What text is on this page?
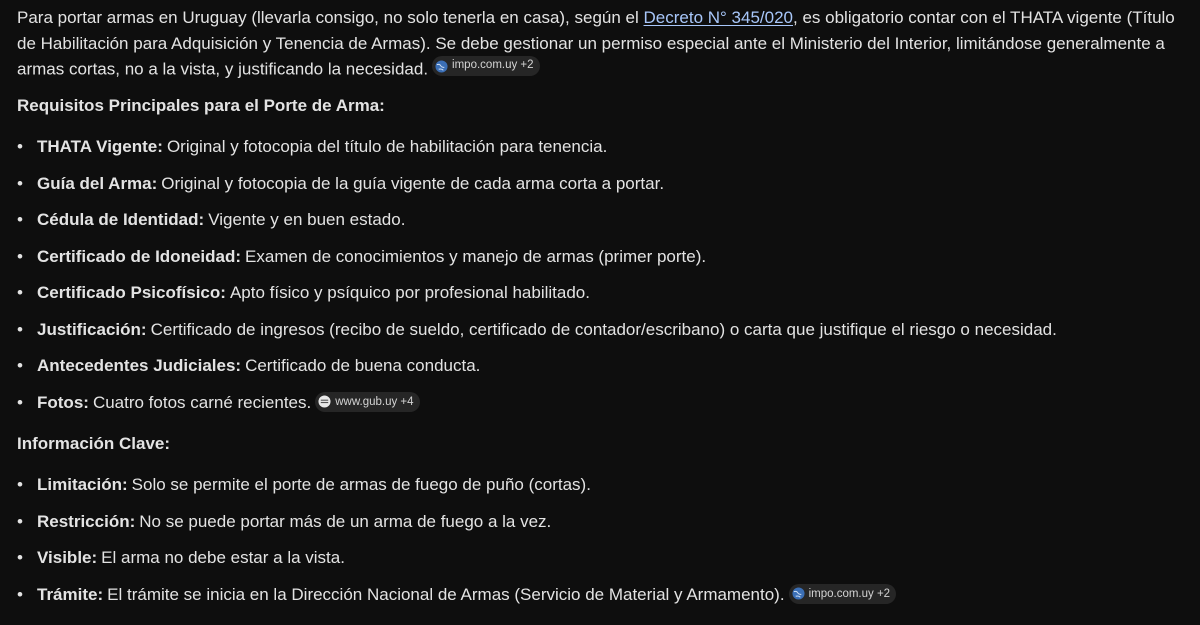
Para portar armas en Uruguay (llevarla consigo, no solo tenerla en casa), según el Decreto N° 345/020, es obligatorio contar con el THATA vigente (Título de Habilitación para Adquisición y Tenencia de Armas). Se debe gestionar un permiso especial ante el Ministerio del Interior, limitándose generalmente a armas cortas, no a la vista, y justificando la necesidad. impo.com.uy +2

Requisitos Principales para el Porte de Arma:
• THATA Vigente: Original y fotocopia del título de habilitación para tenencia.
• Guía del Arma: Original y fotocopia de la guía vigente de cada arma corta a portar.
• Cédula de Identidad: Vigente y en buen estado.
• Certificado de Idoneidad: Examen de conocimientos y manejo de armas (primer porte).
• Certificado Psicofísico: Apto físico y psíquico por profesional habilitado.
• Justificación: Certificado de ingresos (recibo de sueldo, certificado de contador/escribano) o carta que justifique el riesgo o necesidad.
• Antecedentes Judiciales: Certificado de buena conducta.
• Fotos: Cuatro fotos carné recientes. www.gub.uy +4
Información Clave:
• Limitación: Solo se permite el porte de armas de fuego de puño (cortas).
• Restricción: No se puede portar más de un arma de fuego a la vez.
• Visible: El arma no debe estar a la vista.
• Trámite: El trámite se inicia en la Dirección Nacional de Armas (Servicio de Material y Armamento). impo.com.uy +2
